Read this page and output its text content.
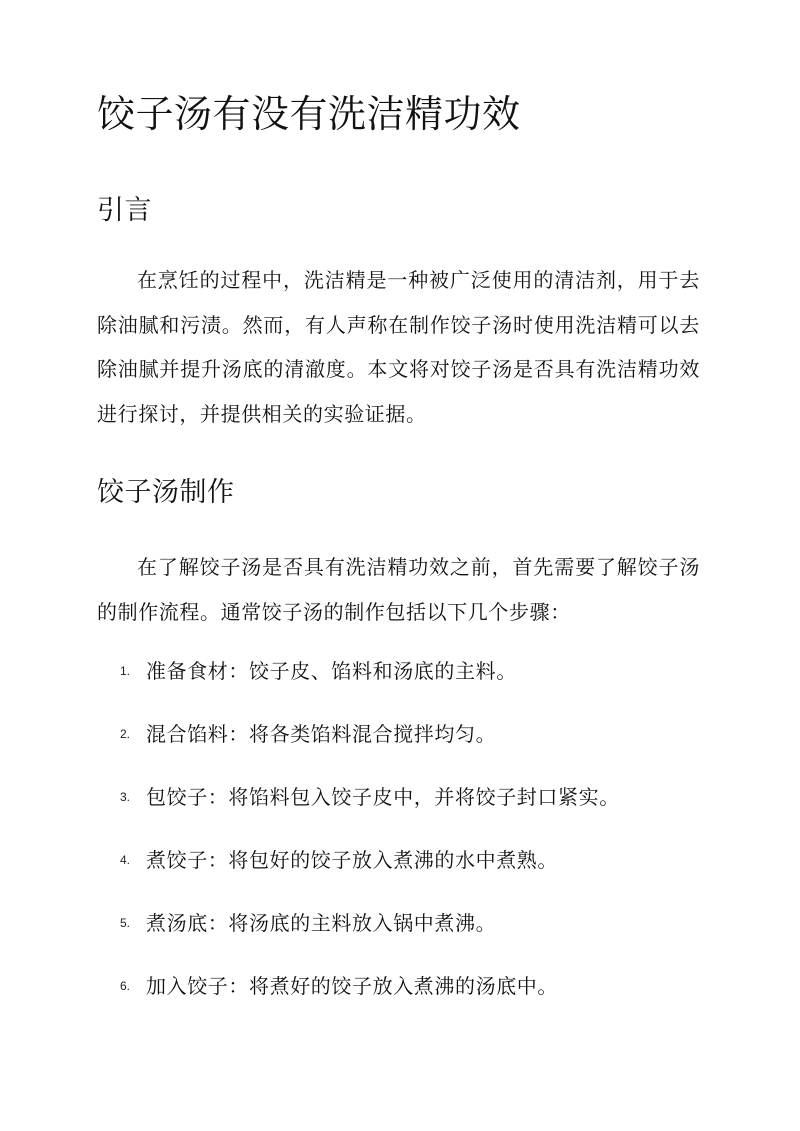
饺子汤有没有洗洁精功效
引言

在烹饪的过程中，洗洁精是一种被广泛使用的清洁剂，用于去除油腻和污渍。然而，有人声称在制作饺子汤时使用洗洁精可以去除油腻并提升汤底的清澈度。本文将对饺子汤是否具有洗洁精功效进行探讨，并提供相关的实验证据。

饺子汤制作

在了解饺子汤是否具有洗洁精功效之前，首先需要了解饺子汤的制作流程。通常饺子汤的制作包括以下几个步骤：

1. 准备食材：饺子皮、馅料和汤底的主料。
2. 混合馅料：将各类馅料混合搅拌均匀。
3. 包饺子：将馅料包入饺子皮中，并将饺子封口紧实。
4. 煮饺子：将包好的饺子放入煮沸的水中煮熟。
5. 煮汤底：将汤底的主料放入锅中煮沸。
6. 加入饺子：将煮好的饺子放入煮沸的汤底中。
